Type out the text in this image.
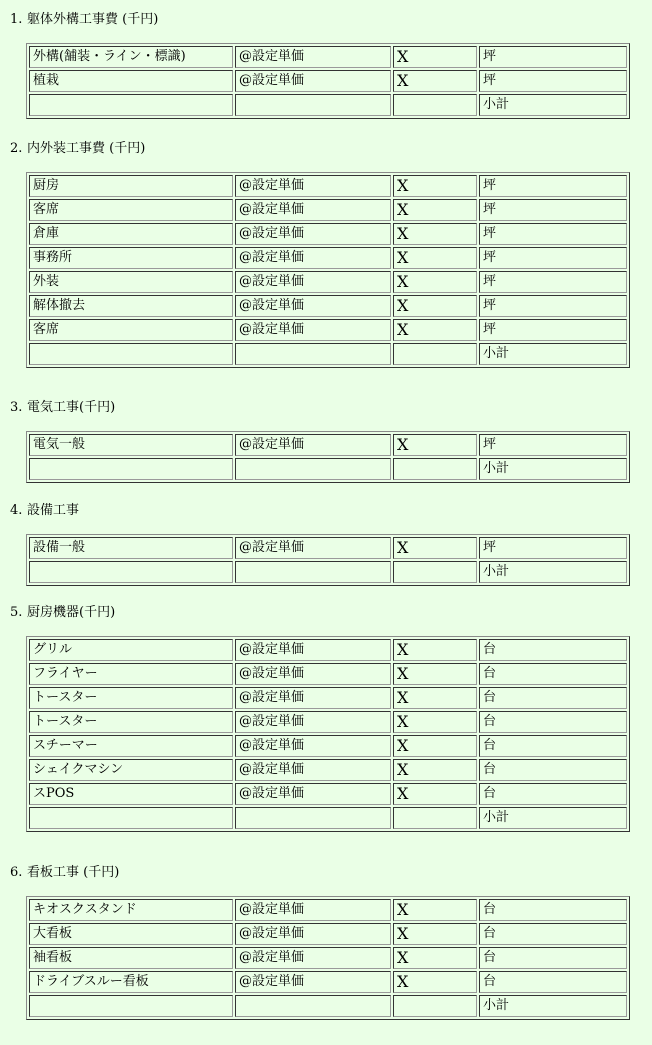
1. 躯体外構工事費 (千円)
外構(舗装・ライン・標識)	@設定単価	X	坪
植栽	@設定単価	X	坪
			小計
2. 内外装工事費 (千円)
厨房	@設定単価	X	坪
客席	@設定単価	X	坪
倉庫	@設定単価	X	坪
事務所	@設定単価	X	坪
外装	@設定単価	X	坪
解体撤去	@設定単価	X	坪
客席	@設定単価	X	坪
			小計
3. 電気工事(千円)
電気一般	@設定単価	X	坪
			小計
4. 設備工事
設備一般	@設定単価	X	坪
			小計
5. 厨房機器(千円)
グリル	@設定単価	X	台
フライヤー	@設定単価	X	台
トースター	@設定単価	X	台
トースター	@設定単価	X	台
スチーマー	@設定単価	X	台
シェイクマシン	@設定単価	X	台
スPOS	@設定単価	X	台
			小計
6. 看板工事 (千円)
キオスクスタンド	@設定単価	X	台
大看板	@設定単価	X	台
袖看板	@設定単価	X	台
ドライブスルー看板	@設定単価	X	台
			小計
